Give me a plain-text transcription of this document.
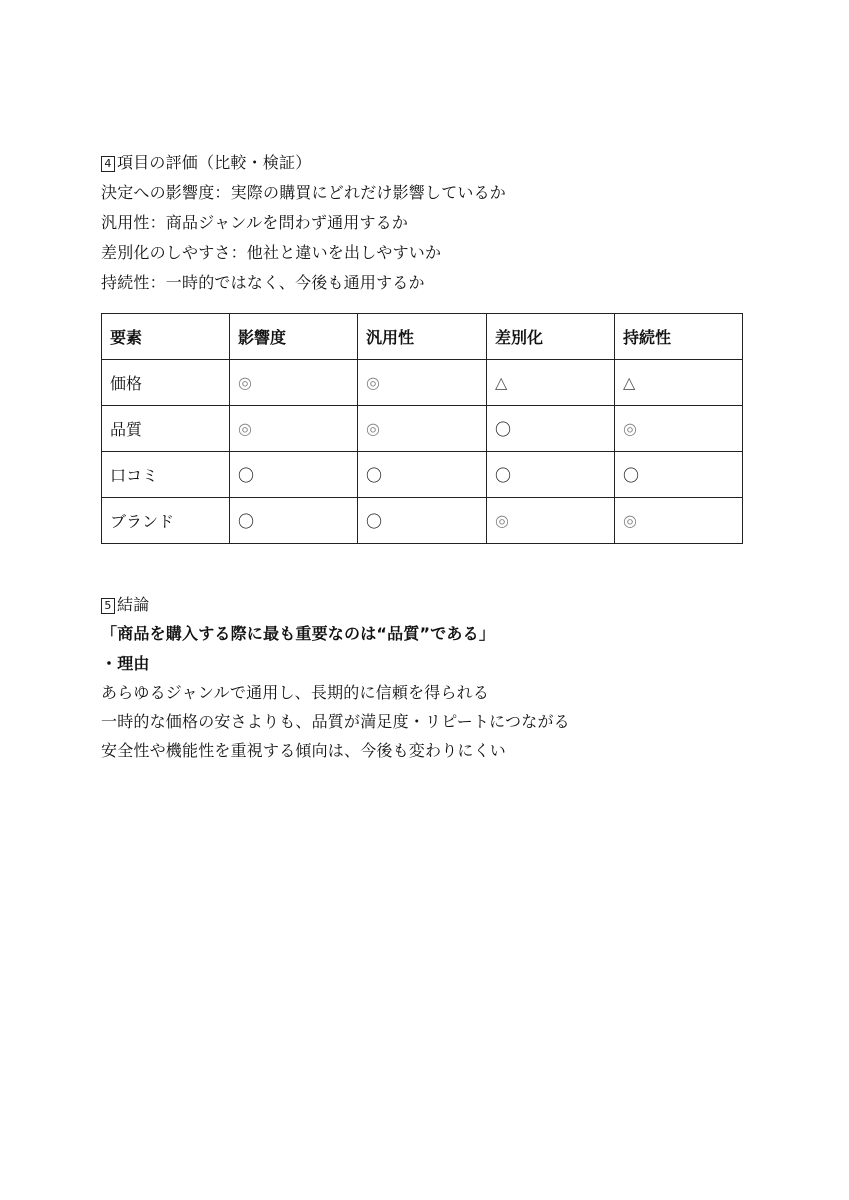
4 項目の評価（比較・検証）
決定への影響度：実際の購買にどれだけ影響しているか
汎用性：商品ジャンルを問わず通用するか
差別化のしやすさ：他社と違いを出しやすいか
持続性：一時的ではなく、今後も通用するか
要素	影響度	汎用性	差別化	持続性
価格	◎	◎	△	△
品質	◎	◎	〇	◎
口コミ	〇	〇	〇	〇
ブランド	〇	〇	◎	◎
5 結論
「商品を購入する際に最も重要なのは“品質”である」
・理由
あらゆるジャンルで通用し、長期的に信頼を得られる
一時的な価格の安さよりも、品質が満足度・リピートにつながる
安全性や機能性を重視する傾向は、今後も変わりにくい
